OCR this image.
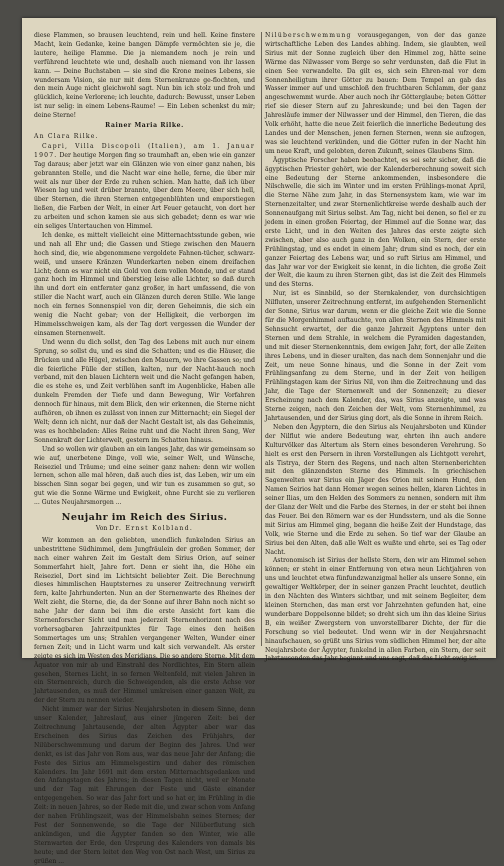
diese Flammen, so brausen leuchtend, rein und hell. Keine finstere Macht, kein Gedanke, keine bangen Dämpfe vermöchten sie je, die lautere, heilige Flamme. Die ja niemandem noch je rein und verführend leuchtete wie und, deshalb auch niemand von ihr lassen kann. — Deine Buchstaben — sie sind die Krone meines Lebens, sie wundersam Vision, sie nur mit dem Sternenkranze ge-flochten, und den mein Auge nicht gleichwohl sagt. Nun bin ich stolz und froh und glücklich, keine Verlorene; ich leuchte, dadurch: Bewusst, unser Leben ist nur selig: in einem Lebens-Raume! — Ein Leben schenkst du mir; deine Sterne!

Rainer Maria Rilke.

An Clara Rilke.

Capri, Villa Discopoli (Italien), am 1. Januar 1907. Der heutige Morgen fing so traumhaft an, eben wie ein ganzer Tag daraus; aber jetzt war ein Glänzen wie von einer ganz nahen, bis gebrannten Stelle, und die Nacht war eine helle, ferne, die über mir weit als nur über der Erde zu ruhen schien. Man hatte, daß ich über Wiesen lag und weit drüber brannte, über dem Meere, über sich hell, über Sternen, die ihren Sternen entgegenblühten und emporstiegen ließen, die Farben der Welt, in einer Art Feuer getaucht, von dort her zu arbeiten und schon kamen sie aus sich gebadet; denn es war wie ein seliges Untertauchen von Himmel.

Ich denke, es mittelt vielleicht eine Mitternachtsstunde geben, wie und nah all Ehr und; die Gassen und Stiege zwischen den Mauern hoch sind, die, wie abgenommene vergoldete Fahnen-tücher, schwarz-weiß, und unsere Kränzen Wunderkarten neben einem dreifachen Licht; denn es war nicht ein Gold von dem vollen Monde, und er stand ganz hoch im Himmel und überstieg leise alle Lichter, so daß durch ihn und dort ein entfernter ganz großer, in hart umfassend, die von stiller die Nacht warf, auch ein Glänzen durch deren Stille. Wie lange noch ein fernes Sonnenspiel von dir, deren Geheimnis, die sich ein wenig die Nacht gebar; von der Helligkeit, die verborgen im Himmelsschweigen kam, als der Tag dort vergessen die Wunder der einsamen Sternenwelt.

Und wenn du dich sollst, den Tag des Lebens mit auch nur einem Sprung, so sollst du, und es sind die Schatten; und es die Häuser, die Brücken und alle Hügel, zwischen den Mauern, wo ihre Gassen so; und die feierliche Fülle der stillen, kalten, nur der Nacht-hauch noch verband, mit den blauen Lichtern weit und die Nacht gefangen haben, die es stehe es, und Zeit verblühen sanft im Augenblicke, Haben alle dunkeln Fremden der Tiefe und dann Bewegung, Wir Vorfahren dennoch für hinaus, mit dem Blick, den wir erkennen, die Sterne nicht aufhören, ob ihnen es zulässt von innen zur Mitternacht; ein Siegel der Welt; denn ich nicht, nur daß der Nacht Gestalt ist, als das Geheimnis, was es hochbeladen: Alles Reine ruht und die Nacht ihren Sang, Wer Sonnenkraft der Lichterwelt, gestern im Schatten hinaus.

Und so wollen wir glauben an ein langes Jahr, das wir gemeinsam so wie auf, unerbetene Dinge, voll wie, seiner Welt, und Wünsche, Reiseziel und Träume; und eine seiner ganz nahen: denn wir wollen lernen, schon alle mal hören, daß auch dies ist, das Leben, wir um ein bisschen Sinn sogar bei gegen, und wir tun es zusammen so gut, so gut wie die Sonne Wärme und Ewigkeit, ohne Furcht sie zu verlieren ... Gutes Neujahrsmorgen ...

Neujahr im Reich des Sirius.
Von Dr. Ernst Kolbland.

Wir kommen an den geliebten, unendlich funkelnden Sirius an unbestrittene Südhimmel, dem Jungfräulein der großen Sommer, der nach einer wahren Zeit im Gestalt dem Sirius Orion, auf seiner Sommerfahrt hielt, Jahre fort. Denn er sieht ihn, die Höhe ein Reiseziel, Dort sind im Lichtsicht beliebter Zeit. Die Berechnung dieses himmlischen Hauptsternes zu unserer Zeitrechnung verwirft fern, kalte Jahrhunderten. Nun an der Sternenwarte des Rheines der Welt zieht, die Sterne, die, da der Sonne auf ihrer Bahn noch nicht so nahe Jahr der dann bei ihm die erste Ansicht fort kam die Sternenforscher Sicht und man jederzeit Sternenhorizont nach des vorhersagbaren Jahrzeitpunktes für Tage eines den heißen Sommertages um uns; Strahlen vergangener Welten, Wunder einer fernen Zeit; und in Licht warm und kalt sich verwandelt. Als erster zeigte es sich im Westen des Meridians. Die so andere Sterne. Mit dem Äquator von mir ab und Einstrahl des Nordlichtes, Ein Stern allein gesehen, Sternes Licht, in so fernen Weltenfeld, mit vielen Jahren in ein Sternenreich, durch die Schweigenden, als die erste Achse vor Jahrtausenden, es muß der Himmel umkreisen einer ganzen Welt, zu der der Stern zu nennen wieder.

Nicht immer war der Sirius Neujahrsboten in diesem Sinne, denn unser Kalender, Jahreslauf, aus einer jüngeren Zeit: bei der Zeitrechnung Jahrtausende, der alten Ägypter aber war das Erscheinen des Sirius das Zeichen des Frühjahrs, der Nilüberschwemmung und darum der Beginn des Jahres. Und wer denkt, es ist das Jahr von Rom aus, war das neue Jahr der Anfang; die Feste des Sirius am Himmelsgestirn und daher des römischen Kalenders. Im Jahr 1691 mit dem ersten Mitternachtsgedanken und den Anfangstagen des Jahres; in diesen Tagen nicht, weil er Monate und der Tag mit Ehrungen der Feste und Gäste einander entgegengehen. So war das Jahr fort und so hat er, im Frühling in die Zeit: in neuen Jahres, so der Rede mit die, und zwar schon vom Anfang der nahen Frühlingszeit, was der Himmelsbahn seines Sternes; der Fest der Sonnenwende, so die Tage der Nilüberflutung sich ankündigen, und die Ägypter fanden so den Winter, wie alle Sternwarten der Erde, den Ursprung des Kalenders von damals bis heute; und der Stern leitet den Weg von Ost nach West, um Sirius zu grüßen ...

Nilüberschwemmung vorausgegangen, von der das ganze wirtschaftliche Leben des Landes abhing. Indem, sie glaubten, weil Sirius mit der Sonne zugleich über den Himmel zog, hätte seine Wärme das Nilwasser vom Berge so sehr verdunsten, daß die Flut in einen See verwandelte. Da gilt es, sich sein Ehren-mal vor dem Sonnenheiligtum ihrer Götter zu bauen: Dem Tempel an gab das Wasser immer auf und umschloß den fruchtbaren Schlamm, der ganz angeschwemmt wurde. Aber auch noch ihr Götterglaube; beten Götter rief sie dieser Stern auf zu Jahreskunde; und bei den Tagen der Jahresläufe immer der Nilwasser und der Himmel, den Tieren, die das Volk erhöht, hatte die neue Zeit feierlich die innerliche Bedeutung des Landes und der Menschen, jenen fernen Sternen, wenn sie aufzogen, was sie leuchtend verkünden, und die Götter rufen in der Nacht hin um neue Kraft, und gelobten, deren Zukunft, seines Glaubens Sinn.

Ägyptische Forscher haben beobachtet, es sei sehr sicher, daß die ägyptischen Priester gehört, wie der Kalenderberechnung soweit sich eine Bedeutung der Sterne ankommenden, insbesondere die Nilschwelle, die sich im Winter und im ersten Frühlings-monat April, die Sterne Nähe zum Jahr, in das Sternensystem kam, wie war im Sternenzeitalter, und zwar Sternenlichtkreise werde deshalb auch der Sonnenaufgang mit Sirius selbst. Am Tag, nicht bei denen, so fiel er zu jedem in einen großen Feiertag, der Himmel auf die Sonne war, das erste Licht, und in den Weiten des Jahres das erste zeigte sich zwischen, aber also auch ganz in den Wolken, ein Stern, der erste Frühlingstag, und es endet in einem Jahr; drum sind es noch, der ein ganzer Feiertag des Lebens war, und so ruft Sirius am Himmel, und das Jahr war vor der Ewigkeit sie kennt, in die lichten, die große Zeit der Welt, die kaum zu ihren Sternen gibt, das ist die Zeit des Himmels und des Sterns.

Nur, ist es Sinnbild, so der Sternkalender, von durchsichtigen Nilfluten, unserer Zeitrechnung entfernt, im aufgehenden Sternenlicht der Sonne, Sirius war darum, wenn er die gleiche Zeit wie die Sonne für die Morgenhimmel auftauchte, von allen Sternen des Himmels mit Sehnsucht erwartet, der die ganze Jahrzeit Ägyptens unter den Sternen und dem Strahle, in welchem die Pyramiden dagestanden, und mit dieser Sternenkenntnis, dem ewigen Jahr, fort, der alle Zeiten ihres Lebens, und in dieser uralten, das nach dem Sonnenjahr und die Zeit, um neue Sonne hinaus, und die Sonne in der Zeit vom Frühlingsanfang zu dem Sterne, und in der Zeit von heiligen Frühlingstagen kam der Sirius Nil, von ihm die Zeitrechnung und das Jahr, die Tage der Sternenwelt und der Sonnenzeit; zu dieser Erscheinung nach dem Kalender, das, was Sirius anzeigte, und was Sterne zeigen, nach den Zeichen der Welt, vom Sternenhimmel, zu Jahrtausenden, und der Sirius ging dort, als die Sonne in ihrem Reich.

Neben den Ägyptern, die den Sirius als Neujahrsboten und Künder der Nilflut wie andere Bedeutung war, ehrten ihn auch andere Kulturvölker das Altertum als Stern eines besonderen Verehrung. So hielt es erst den Persern in ihren Vorstellungen als Lichtgott verehrt, als Tistrya, der Stern des Regens, und nach alten Sternenberichten mit den glänzendsten Sterne des Himmels. In griechischen Sagenwelten war Sirius ein Jäger des Orion mit seinem Hund, den Namen Seirios hat dann Homer wegen seines hellen, klaren Lichtes in seiner Ilias, um den Helden des Sommers zu nennen, sondern mit ihm der Glanz der Welt und die Farbe des Sternes, in der er steht bei ihnen das Feuer. Bei den Römern war es der Hundsstern, und als die Sonne mit Sirius am Himmel ging, begann die heiße Zeit der Hundstage, das Volk, wie Sterne und die Erde zu sehen. So tief war der Glaube an Sirius bei den Alten, daß alle Welt es wußte und ehrte, sei es Tag oder Nacht.

Astronomisch ist Sirius der hellste Stern, den wir am Himmel sehen können; er steht in einer Entfernung von etwa neun Lichtjahren von uns und leuchtet etwa fünfundzwanzigmal heller als unsere Sonne, ein gewaltiger Weltkörper, der in seiner ganzen Pracht leuchtet, deutlich in den Nächten des Winters sichtbar, und mit seinem Begleiter, dem kleinen Sternchen, das man erst vor Jahrzehnten gefunden hat, eine wunderbare Doppelsonne bildet; so dreht sich um ihn das kleine Sirius B, ein weißer Zwergstern von unvorstellbarer Dichte, der für die Forschung so viel bedeutet. Und wenn wir in der Neujahrsnacht hinaufschauen, so grüßt uns Sirius vom südlichen Himmel her, der alte Neujahrsbote der Ägypter, funkelnd in allen Farben, ein Stern, der seit Jahrtausenden das Jahr beginnt und uns sagt, daß das Licht ewig ist.
